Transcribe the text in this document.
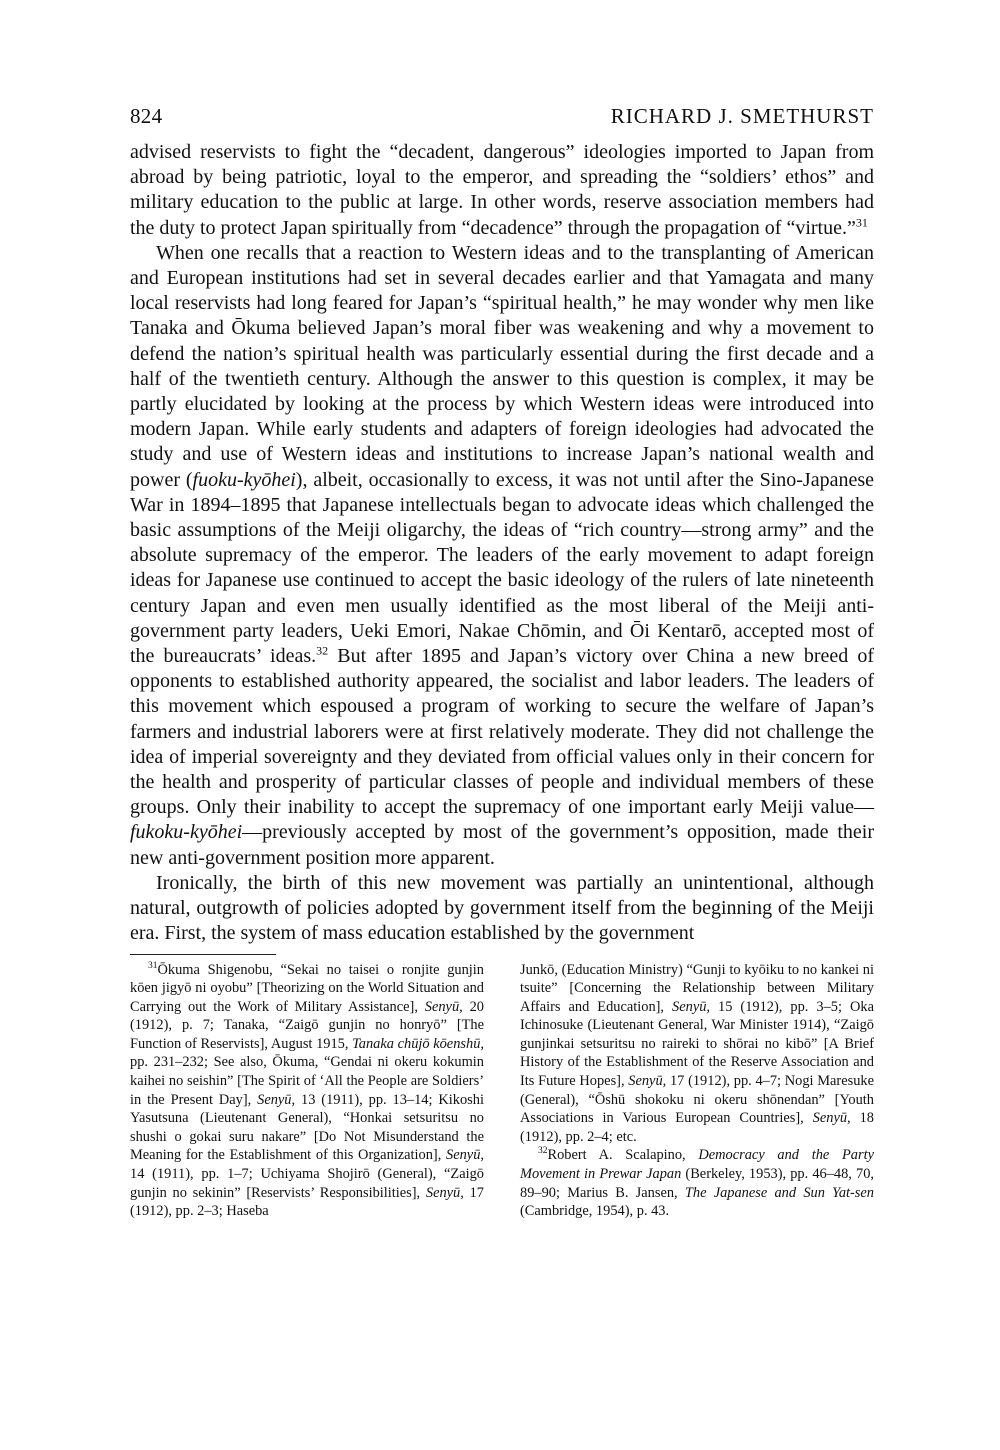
824	RICHARD J. SMETHURST

advised reservists to fight the “decadent, dangerous” ideologies imported to Japan from abroad by being patriotic, loyal to the emperor, and spreading the “soldiers’ ethos” and military education to the public at large. In other words, reserve association members had the duty to protect Japan spiritually from “decadence” through the propagation of “virtue.”$^{31}$

When one recalls that a reaction to Western ideas and to the transplanting of American and European institutions had set in several decades earlier and that Yamagata and many local reservists had long feared for Japan’s “spiritual health,” he may wonder why men like Tanaka and Ōkuma believed Japan’s moral fiber was weakening and why a movement to defend the nation’s spiritual health was particularly essential during the first decade and a half of the twentieth century. Although the answer to this question is complex, it may be partly elucidated by looking at the process by which Western ideas were introduced into modern Japan. While early students and adapters of foreign ideologies had advocated the study and use of Western ideas and institutions to increase Japan’s national wealth and power (fuoku-kyōhei), albeit, occasionally to excess, it was not until after the Sino-Japanese War in 1894–1895 that Japanese intellectuals began to advocate ideas which challenged the basic assumptions of the Meiji oligarchy, the ideas of “rich country—strong army” and the absolute supremacy of the emperor. The leaders of the early movement to adapt foreign ideas for Japanese use continued to accept the basic ideology of the rulers of late nineteenth century Japan and even men usually identified as the most liberal of the Meiji anti-government party leaders, Ueki Emori, Nakae Chōmin, and Ōi Kentarō, accepted most of the bureaucrats’ ideas.$^{32}$ But after 1895 and Japan’s victory over China a new breed of opponents to established authority appeared, the socialist and labor leaders. The leaders of this movement which espoused a program of working to secure the welfare of Japan’s farmers and industrial laborers were at first relatively moderate. They did not challenge the idea of imperial sovereignty and they deviated from official values only in their concern for the health and prosperity of particular classes of people and individual members of these groups. Only their inability to accept the supremacy of one important early Meiji value—fukoku-kyōhei—previously accepted by most of the government’s opposition, made their new anti-government position more apparent.

Ironically, the birth of this new movement was partially an unintentional, although natural, outgrowth of policies adopted by government itself from the beginning of the Meiji era. First, the system of mass education established by the government

$^{31}$Ōkuma Shigenobu, “Sekai no taisei o ronjite gunjin kōen jigyō ni oyobu” [Theorizing on the World Situation and Carrying out the Work of Military Assistance], Senyū, 20 (1912), p. 7; Tanaka, “Zaigō gunjin no honryō” [The Function of Reservists], August 1915, Tanaka chūjō kōenshū, pp. 231–232; See also, Ōkuma, “Gendai ni okeru kokumin kaihei no seishin” [The Spirit of ‘All the People are Soldiers’ in the Present Day], Senyū, 13 (1911), pp. 13–14; Kikoshi Yasutsuna (Lieutenant General), “Honkai setsuritsu no shushi o gokai suru nakare” [Do Not Misunderstand the Meaning for the Establishment of this Organization], Senyū, 14 (1911), pp. 1–7; Uchiyama Shojirō (General), “Zaigō gunjin no sekinin” [Reservists’ Responsibilities], Senyū, 17 (1912), pp. 2–3; Haseba

Junkō, (Education Ministry) “Gunji to kyōiku to no kankei ni tsuite” [Concerning the Relationship between Military Affairs and Education], Senyū, 15 (1912), pp. 3–5; Oka Ichinosuke (Lieutenant General, War Minister 1914), “Zaigō gunjinkai setsuritsu no raireki to shōrai no kibō” [A Brief History of the Establishment of the Reserve Association and Its Future Hopes], Senyū, 17 (1912), pp. 4–7; Nogi Maresuke (General), “Ōshū shokoku ni okeru shōnendan” [Youth Associations in Various European Countries], Senyū, 18 (1912), pp. 2–4; etc.

$^{32}$Robert A. Scalapino, Democracy and the Party Movement in Prewar Japan (Berkeley, 1953), pp. 46–48, 70, 89–90; Marius B. Jansen, The Japanese and Sun Yat-sen (Cambridge, 1954), p. 43.
